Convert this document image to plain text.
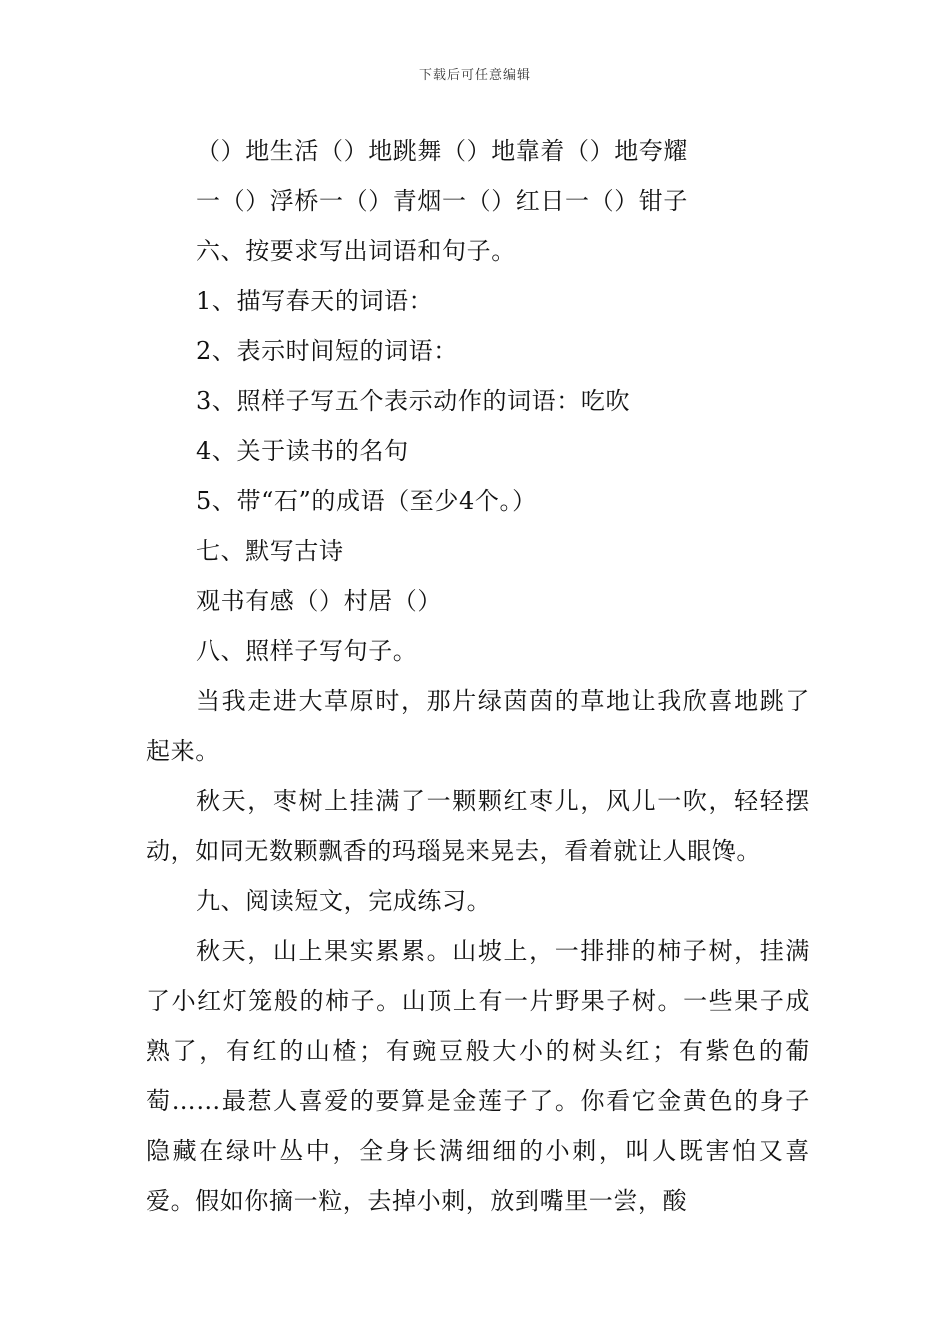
下载后可任意编辑
（）地生活（）地跳舞（）地靠着（）地夸耀
一（）浮桥一（）青烟一（）红日一（）钳子
六、按要求写出词语和句子。
1、描写春天的词语：
2、表示时间短的词语：
3、照样子写五个表示动作的词语：吃吹
4、关于读书的名句
5、带“石”的成语（至少4个。）
七、默写古诗
观书有感（）村居（）
八、照样子写句子。

当我走进大草原时，那片绿茵茵的草地让我欣喜地跳了起来。

秋天，枣树上挂满了一颗颗红枣儿，风儿一吹，轻轻摆动，如同无数颗飘香的玛瑙晃来晃去，看着就让人眼馋。

九、阅读短文，完成练习。

秋天，山上果实累累。山坡上，一排排的柿子树，挂满了小红灯笼般的柿子。山顶上有一片野果子树。一些果子成熟了，有红的山楂；有豌豆般大小的树头红；有紫色的葡萄……最惹人喜爱的要算是金莲子了。你看它金黄色的身子隐藏在绿叶丛中，全身长满细细的小刺，叫人既害怕又喜爱。假如你摘一粒，去掉小刺，放到嘴里一尝，酸
